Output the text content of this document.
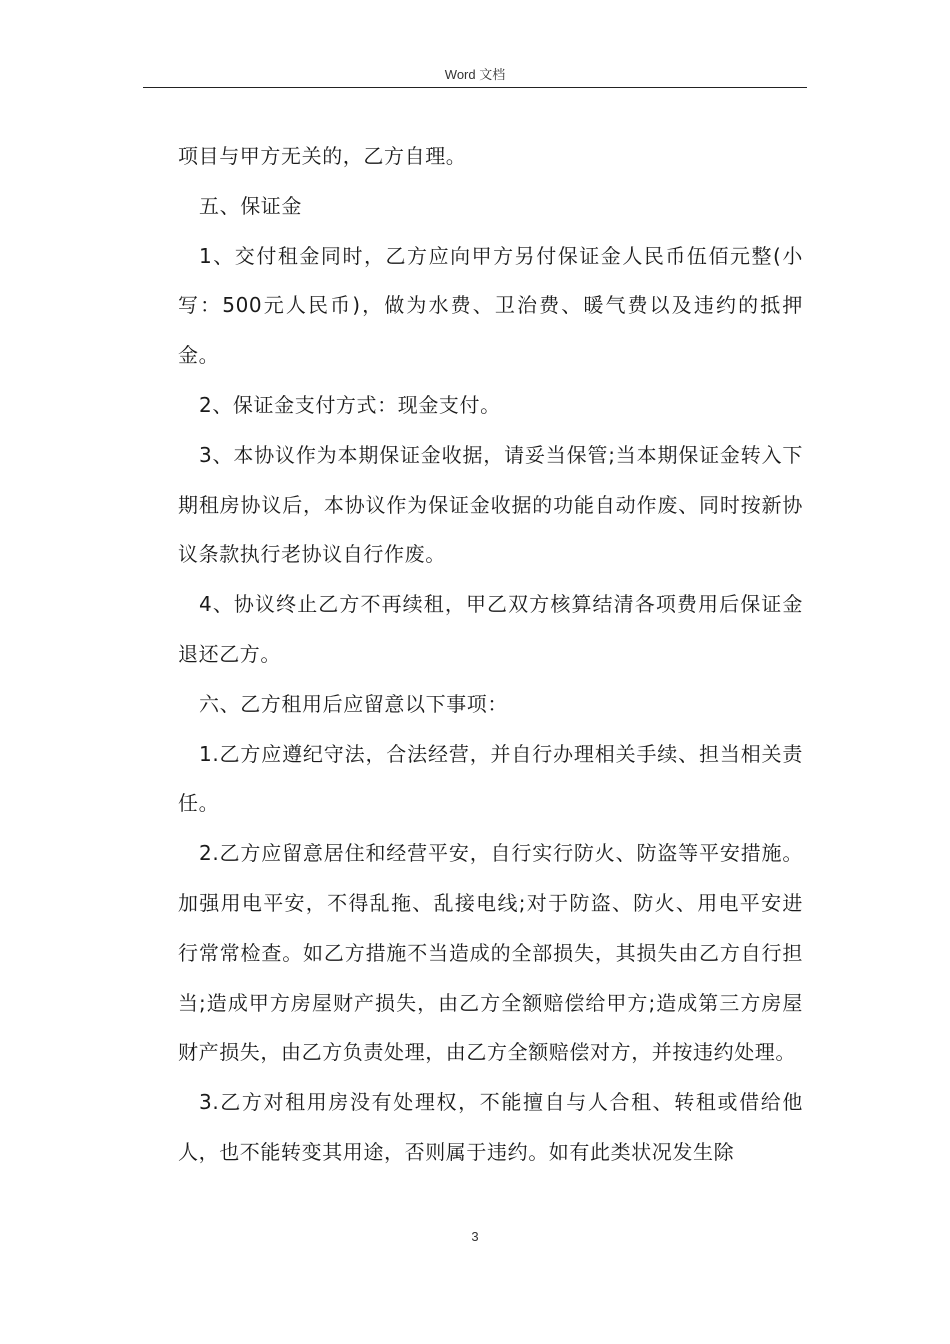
Word 文档

项目与甲方无关的，乙方自理。

五、保证金

1、交付租金同时，乙方应向甲方另付保证金人民币伍佰元整(小写：500元人民币)，做为水费、卫治费、暖气费以及违约的抵押金。

2、保证金支付方式：现金支付。

3、本协议作为本期保证金收据，请妥当保管;当本期保证金转入下期租房协议后，本协议作为保证金收据的功能自动作废、同时按新协议条款执行老协议自行作废。

4、协议终止乙方不再续租，甲乙双方核算结清各项费用后保证金退还乙方。

六、乙方租用后应留意以下事项：

1.乙方应遵纪守法，合法经营，并自行办理相关手续、担当相关责任。

2.乙方应留意居住和经营平安，自行实行防火、防盗等平安措施。加强用电平安，不得乱拖、乱接电线;对于防盗、防火、用电平安进行常常检查。如乙方措施不当造成的全部损失，其损失由乙方自行担当;造成甲方房屋财产损失，由乙方全额赔偿给甲方;造成第三方房屋财产损失，由乙方负责处理，由乙方全额赔偿对方，并按违约处理。

3.乙方对租用房没有处理权，不能擅自与人合租、转租或借给他人，也不能转变其用途，否则属于违约。如有此类状况发生除

3
